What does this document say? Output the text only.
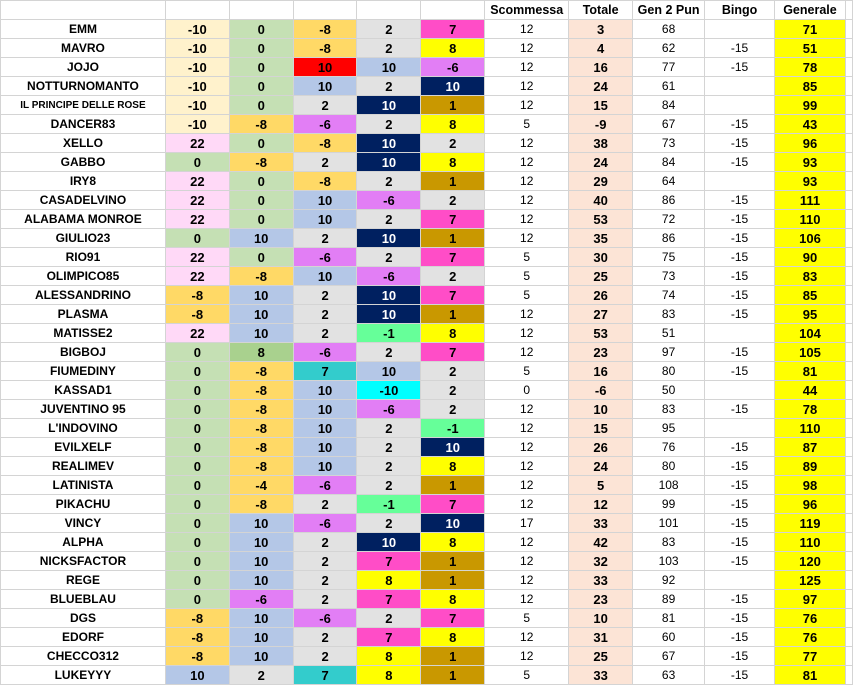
						Scommessa	Totale	Gen 2 Pun	Bingo	Generale	
EMM	-10	0	-8	2	7	12	3	68		71	
MAVRO	-10	0	-8	2	8	12	4	62	-15	51	
JOJO	-10	0	10	10	-6	12	16	77	-15	78	
NOTTURNOMANTO	-10	0	10	2	10	12	24	61		85	
IL PRINCIPE DELLE ROSE	-10	0	2	10	1	12	15	84		99	
DANCER83	-10	-8	-6	2	8	5	-9	67	-15	43	
XELLO	22	0	-8	10	2	12	38	73	-15	96	
GABBO	0	-8	2	10	8	12	24	84	-15	93	
IRY8	22	0	-8	2	1	12	29	64		93	
CASADELVINO	22	0	10	-6	2	12	40	86	-15	111	
ALABAMA MONROE	22	0	10	2	7	12	53	72	-15	110	
GIULIO23	0	10	2	10	1	12	35	86	-15	106	
RIO91	22	0	-6	2	7	5	30	75	-15	90	
OLIMPICO85	22	-8	10	-6	2	5	25	73	-15	83	
ALESSANDRINO	-8	10	2	10	7	5	26	74	-15	85	
PLASMA	-8	10	2	10	1	12	27	83	-15	95	
MATISSE2	22	10	2	-1	8	12	53	51		104	
BIGBOJ	0	8	-6	2	7	12	23	97	-15	105	
FIUMEDINY	0	-8	7	10	2	5	16	80	-15	81	
KASSAD1	0	-8	10	-10	2	0	-6	50		44	
JUVENTINO 95	0	-8	10	-6	2	12	10	83	-15	78	
L'INDOVINO	0	-8	10	2	-1	12	15	95		110	
EVILXELF	0	-8	10	2	10	12	26	76	-15	87	
REALIMEV	0	-8	10	2	8	12	24	80	-15	89	
LATINISTA	0	-4	-6	2	1	12	5	108	-15	98	
PIKACHU	0	-8	2	-1	7	12	12	99	-15	96	
VINCY	0	10	-6	2	10	17	33	101	-15	119	
ALPHA	0	10	2	10	8	12	42	83	-15	110	
NICKSFACTOR	0	10	2	7	1	12	32	103	-15	120	
REGE	0	10	2	8	1	12	33	92		125	
BLUEBLAU	0	-6	2	7	8	12	23	89	-15	97	
DGS	-8	10	-6	2	7	5	10	81	-15	76	
EDORF	-8	10	2	7	8	12	31	60	-15	76	
CHECCO312	-8	10	2	8	1	12	25	67	-15	77	
LUKEYYY	10	2	7	8	1	5	33	63	-15	81	
